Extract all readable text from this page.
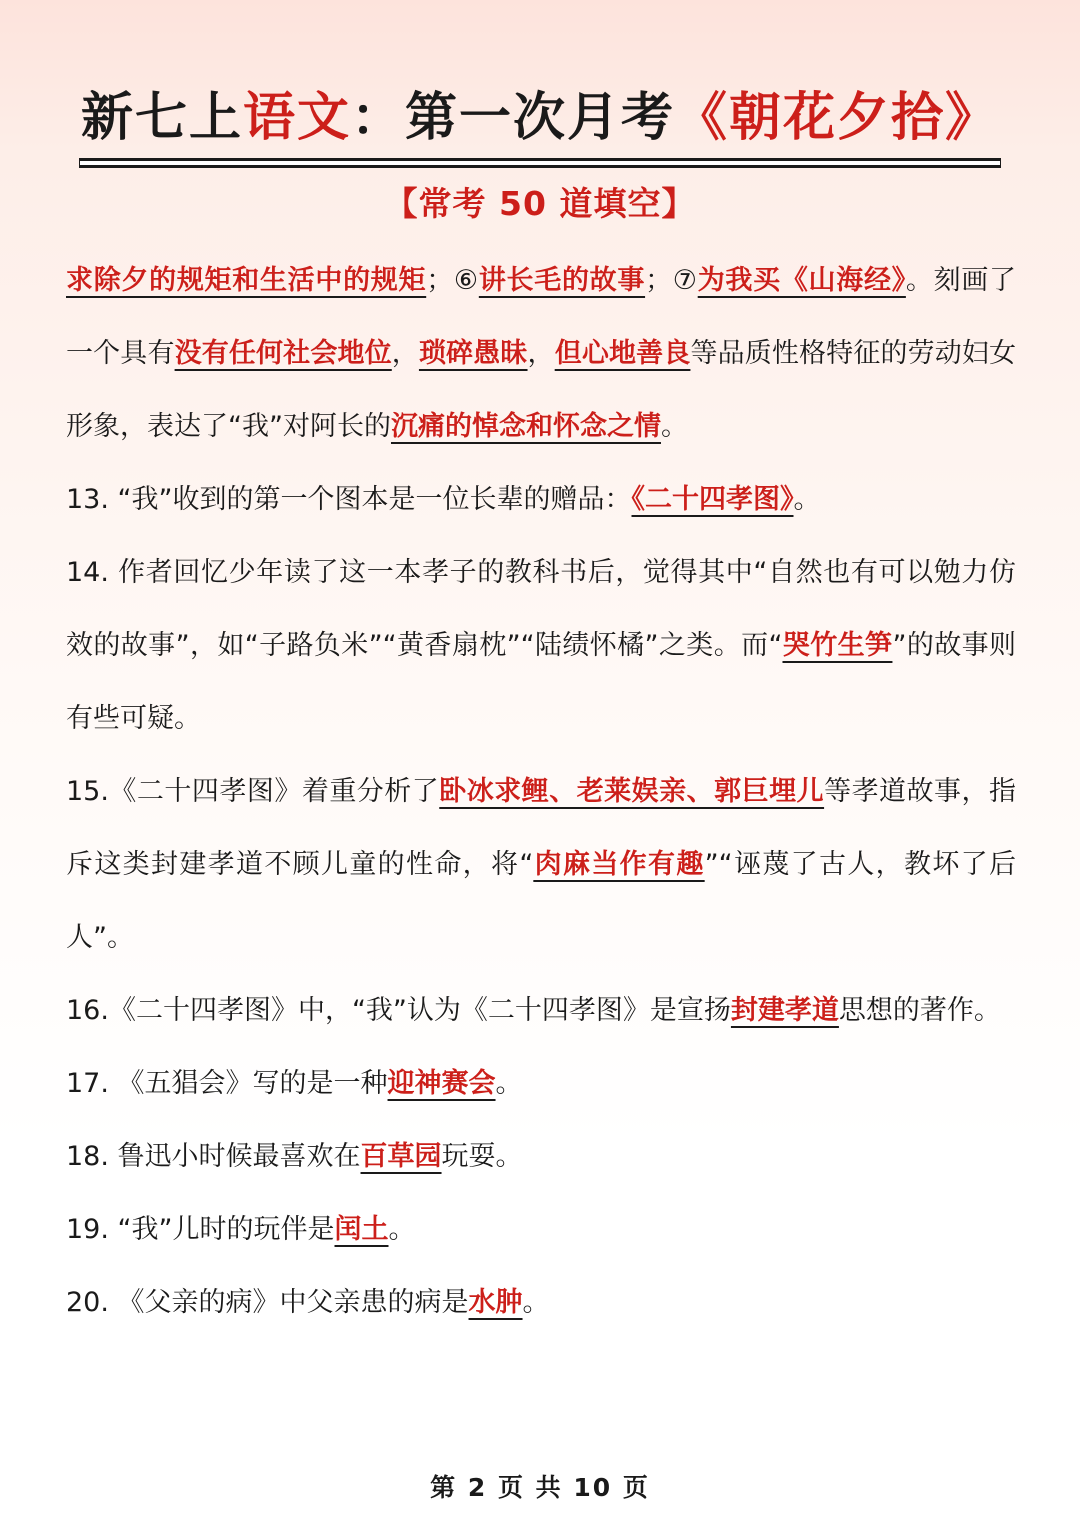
新七上语文：第一次月考《朝花夕拾》
【常考 50 道填空】

求除夕的规矩和生活中的规矩；⑥讲长毛的故事；⑦为我买《山海经》。刻画了一个具有没有任何社会地位，琐碎愚昧，但心地善良等品质性格特征的劳动妇女形象，表达了“我”对阿长的沉痛的悼念和怀念之情。

13. “我”收到的第一个图本是一位长辈的赠品：《二十四孝图》。

14. 作者回忆少年读了这一本孝子的教科书后，觉得其中“自然也有可以勉力仿效的故事”，如“子路负米”“黄香扇枕”“陆绩怀橘”之类。而“哭竹生笋”的故事则有些可疑。

15.《二十四孝图》着重分析了卧冰求鲤、老莱娱亲、郭巨埋儿等孝道故事，指斥这类封建孝道不顾儿童的性命，将“肉麻当作有趣”“诬蔑了古人，教坏了后人”。

16.《二十四孝图》中，“我”认为《二十四孝图》是宣扬封建孝道思想的著作。

17. 《五猖会》写的是一种迎神赛会。

18. 鲁迅小时候最喜欢在百草园玩耍。

19. “我”儿时的玩伴是闰土。

20. 《父亲的病》中父亲患的病是水肿。

第 2 页 共 10 页
